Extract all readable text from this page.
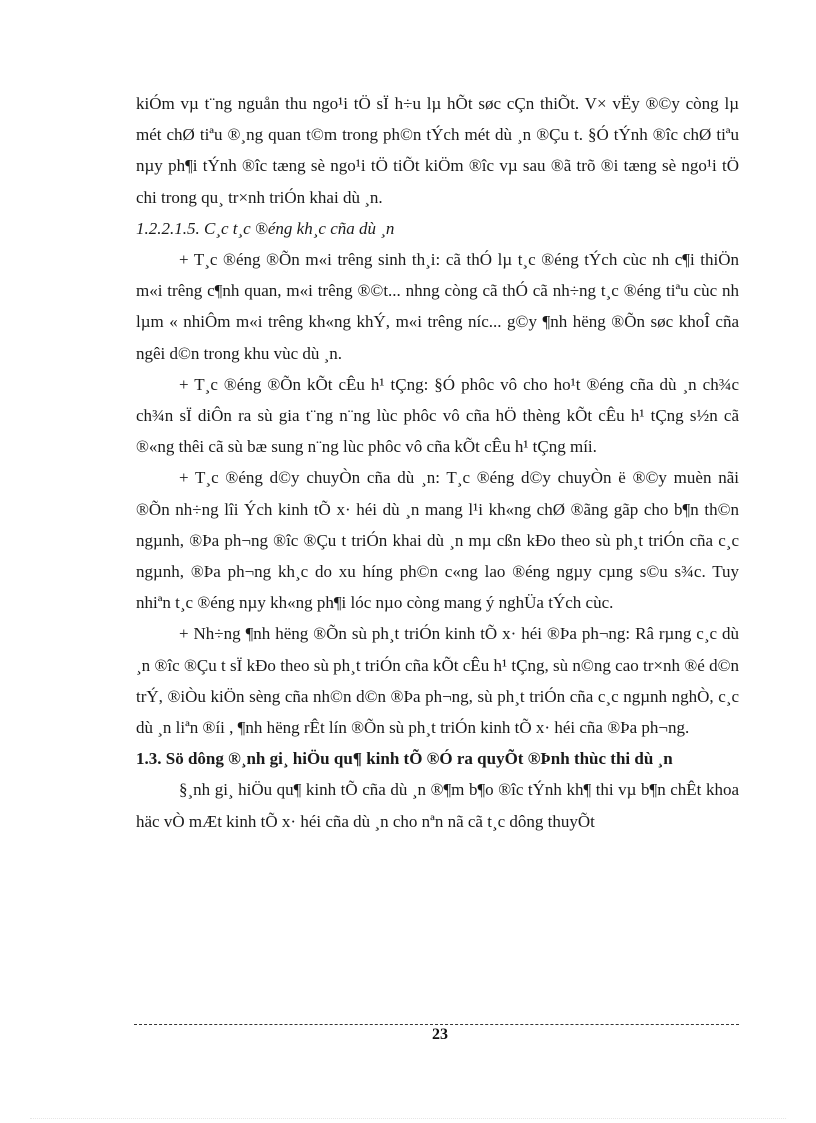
kiÓm vµ t¨ng nguån thu ngo¹i tÖ sÏ h÷u lµ hÕt søc cÇn thiÕt. V× vËy ®©y còng lµ mét chØ tiªu ®¸ng quan t©m trong ph©n tÝch mét dù ¸n ®Çu t. §Ó tÝnh ®îc chØ tiªu nµy ph¶i tÝnh ®îc tæng sè ngo¹i tÖ tiÕt kiÖm ®îc vµ sau ®ã trõ ®i tæng sè ngo¹i tÖ chi trong qu¸ tr×nh triÓn khai dù ¸n.

1.2.2.1.5. C¸c t¸c ®éng kh¸c cña dù ¸n

+ T¸c ®éng ®Õn m«i trêng sinh th¸i: cã thÓ lµ t¸c ®éng tÝch cùc nh c¶i thiÖn m«i trêng c¶nh quan, m«i trêng ®©t... nhng còng cã thÓ cã nh÷ng t¸c ®éng tiªu cùc nh lµm « nhiÔm m«i trêng kh«ng khÝ, m«i trêng níc... g©y ¶nh hëng ®Õn søc khoÎ cña ngêi d©n trong khu vùc dù ¸n.

+ T¸c ®éng ®Õn kÕt cÊu h¹ tÇng: §Ó phôc vô cho ho¹t ®éng cña dù ¸n ch¾c ch¾n sÏ diÔn ra sù gia t¨ng n¨ng lùc phôc vô cña hÖ thèng kÕt cÊu h¹ tÇng s½n cã ®«ng thêi cã sù bæ sung n¨ng lùc phôc vô cña kÕt cÊu h¹ tÇng míi.

+ T¸c ®éng d©y chuyÒn cña dù ¸n: T¸c ®éng d©y chuyÒn ë ®©y muèn nãi ®Õn nh÷ng lîi Ých kinh tÕ x· héi dù ¸n mang l¹i kh«ng chØ ®ãng gãp cho b¶n th©n ngµnh, ®Þa ph¬ng ®îc ®Çu t triÓn khai dù ¸n mµ cßn kÐo theo sù ph¸t triÓn cña c¸c ngµnh, ®Þa ph¬ng kh¸c do xu híng ph©n c«ng lao ®éng ngµy cµng s©u s¾c. Tuy nhiªn t¸c ®éng nµy kh«ng ph¶i lóc nµo còng mang ý nghÜa tÝch cùc.

+ Nh÷ng ¶nh hëng ®Õn sù ph¸t triÓn kinh tÕ x· héi ®Þa ph¬ng: Râ rµng c¸c dù ¸n ®îc ®Çu t sÏ kÐo theo sù ph¸t triÓn cña kÕt cÊu h¹ tÇng, sù n©ng cao tr×nh ®é d©n trÝ, ®iÒu kiÖn sèng cña nh©n d©n ®Þa ph¬ng, sù ph¸t triÓn cña c¸c ngµnh nghÒ, c¸c dù ¸n liªn ®íi , ¶nh hëng rÊt lín ®Õn sù ph¸t triÓn kinh tÕ x· héi cña ®Þa ph¬ng.

1.3. Sö dông ®¸nh gi¸ hiÖu qu¶ kinh tÕ ®Ó ra quyÕt ®Þnh thùc thi dù ¸n

§¸nh gi¸ hiÖu qu¶ kinh tÕ cña dù ¸n ®¶m b¶o ®îc tÝnh kh¶ thi vµ b¶n chÊt khoa häc vÒ mÆt kinh tÕ x· héi cña dù ¸n cho nªn nã cã t¸c dông thuyÕt

23
